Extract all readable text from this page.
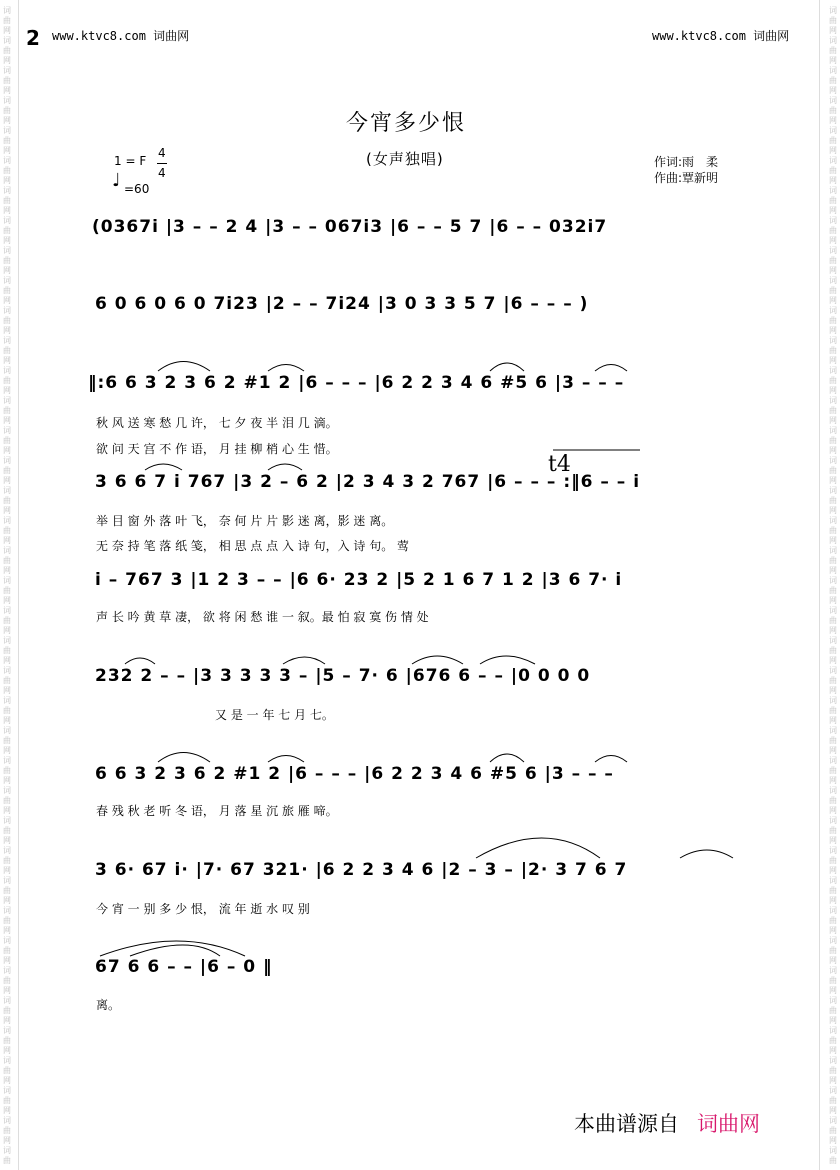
词
曲
网
词
曲
网
词
曲
网
词
曲
网
词
曲
网
词
曲
网
词
曲
网
词
曲
网
词
曲
网
词
曲
网
词
曲
网
词
曲
网
词
曲
网
词
曲
网
词
曲
网
词
曲
网
词
曲
网
词
曲
网
词
曲
网
词
曲
网
词
曲
网
词
曲
网
词
曲
网
词
曲
网
词
曲
网
词
曲
网
词
曲
网
词
曲
网
词
曲
网
词
曲
网
词
曲
网
词
曲
网
词
曲
网
词
曲
网
词
曲
网
词
曲
网
词
曲
网
词
曲
网
词
曲
词
曲
网
词
曲
网
词
曲
网
词
曲
网
词
曲
网
词
曲
网
词
曲
网
词
曲
网
词
曲
网
词
曲
网
词
曲
网
词
曲
网
词
曲
网
词
曲
网
词
曲
网
词
曲
网
词
曲
网
词
曲
网
词
曲
网
词
曲
网
词
曲
网
词
曲
网
词
曲
网
词
曲
网
词
曲
网
词
曲
网
词
曲
网
词
曲
网
词
曲
网
词
曲
网
词
曲
网
词
曲
网
词
曲
网
词
曲
网
词
曲
网
词
曲
网
词
曲
网
词
曲
网
词
曲
2 www.ktvc8.com 词曲网	www.ktvc8.com 词曲网
今宵多少恨
(女声独唱)
1 = F
4
4
♩ =60
作词:雨　柔
作曲:覃新明
(0367i |3 – – 2 4 |3 – – 067i3 |6 – – 5 7 |6 – – 032i7
6 0 6 0 6 0 7i23 |2 – – 7i24 |3 0 3 3 5 7 |6 – – – )
‖:6 6 3 2 3 6 2 #1 2 |6 – – – |6 2 2 3 4 6 #5 6 |3 – – –
秋 风 送 寒 愁 几 许， 七 夕 夜 半 泪 几 滴。
欲 问 天 宫 不 作 语， 月 挂 柳 梢 心 生 惜。
3 6 6 7 i 767 |3 2 – 6 2 |2 3 4 3 2 767 |6 – – – :‖6 – – i
举 目 窗 外 落 叶 飞， 奈 何 片 片 影 迷 离，影 迷 离。
无 奈 持 笔 落 纸 笺， 相 思 点 点 入 诗 句，入 诗 句。 莺
t4
i – 767 3 |1 2 3 – – |6 6· 23 2 |5 2 1 6 7 1 2 |3 6 7· i
声 长 吟 黄 草 凄， 欲 将 闲 愁 谁 一 叙。最 怕 寂 寞 伤 情 处
232 2 – – |3 3 3 3 3 – |5 – 7· 6 |676 6 – – |0 0 0 0
又 是 一 年 七 月 七。
6 6 3 2 3 6 2 #1 2 |6 – – – |6 2 2 3 4 6 #5 6 |3 – – –
春 残 秋 老 听 冬 语， 月 落 星 沉 旅 雁 啼。
3 6· 67 i· |7· 67 321· |6 2 2 3 4 6 |2 – 3 – |2· 3 7 6 7
今 宵 一 别 多 少 恨， 流 年 逝 水 叹 别
67 6 6 – – |6 – 0 ‖
离。
本曲谱源自 词曲网
